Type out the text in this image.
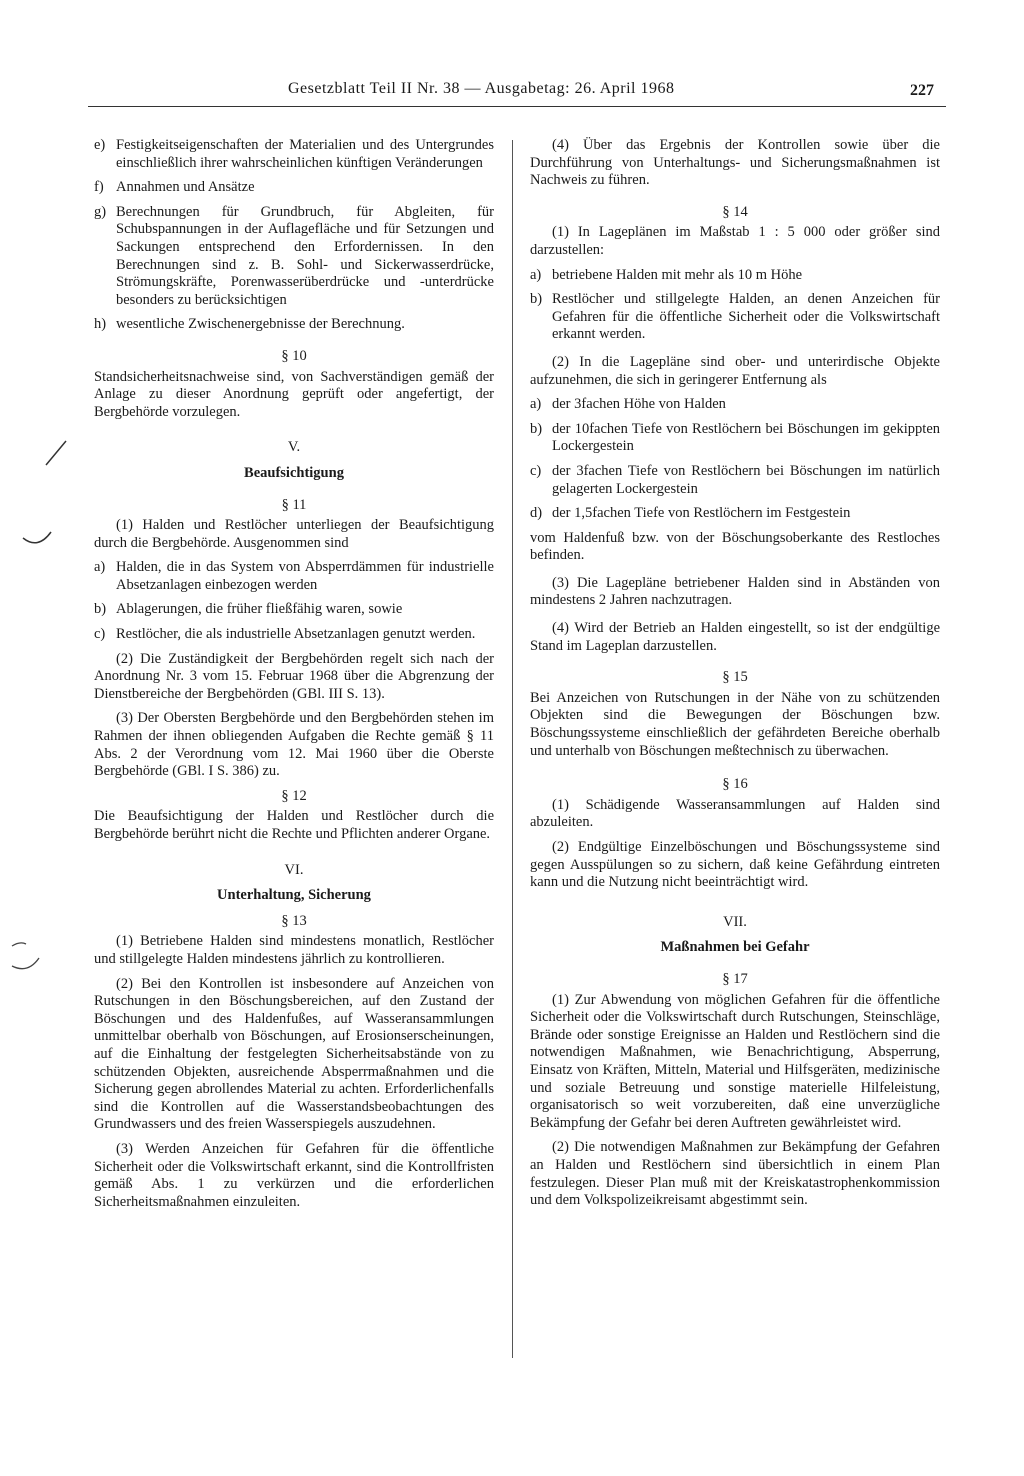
Gesetzblatt Teil II Nr. 38 — Ausgabetag: 26. April 1968	227
e) Festigkeitseigenschaften der Materialien und des Untergrundes einschließlich ihrer wahrscheinlichen künftigen Veränderungen
f) Annahmen und Ansätze
g) Berechnungen für Grundbruch, für Abgleiten, für Schubspannungen in der Auflagefläche und für Setzungen und Sackungen entsprechend den Erfordernissen. In den Berechnungen sind z. B. Sohl- und Sickerwasserdrücke, Strömungskräfte, Porenwasserüberdrücke und -unterdrücke besonders zu berücksichtigen
h) wesentliche Zwischenergebnisse der Berechnung.
§ 10
Standsicherheitsnachweise sind, von Sachverständigen gemäß der Anlage zu dieser Anordnung geprüft oder angefertigt, der Bergbehörde vorzulegen.
V.
Beaufsichtigung
§ 11
(1) Halden und Restlöcher unterliegen der Beaufsichtigung durch die Bergbehörde. Ausgenommen sind
a) Halden, die in das System von Absperrdämmen für industrielle Absetzanlagen einbezogen werden
b) Ablagerungen, die früher fließfähig waren, sowie
c) Restlöcher, die als industrielle Absetzanlagen genutzt werden.
(2) Die Zuständigkeit der Bergbehörden regelt sich nach der Anordnung Nr. 3 vom 15. Februar 1968 über die Abgrenzung der Dienstbereiche der Bergbehörden (GBl. III S. 13).
(3) Der Obersten Bergbehörde und den Bergbehörden stehen im Rahmen der ihnen obliegenden Aufgaben die Rechte gemäß § 11 Abs. 2 der Verordnung vom 12. Mai 1960 über die Oberste Bergbehörde (GBl. I S. 386) zu.
§ 12
Die Beaufsichtigung der Halden und Restlöcher durch die Bergbehörde berührt nicht die Rechte und Pflichten anderer Organe.
VI.
Unterhaltung, Sicherung
§ 13
(1) Betriebene Halden sind mindestens monatlich, Restlöcher und stillgelegte Halden mindestens jährlich zu kontrollieren.
(2) Bei den Kontrollen ist insbesondere auf Anzeichen von Rutschungen in den Böschungsbereichen, auf den Zustand der Böschungen und des Haldenfußes, auf Wasseransammlungen unmittelbar oberhalb von Böschungen, auf Erosionserscheinungen, auf die Einhaltung der festgelegten Sicherheitsabstände von zu schützenden Objekten, ausreichende Absperrmaßnahmen und die Sicherung gegen abrollendes Material zu achten. Erforderlichenfalls sind die Kontrollen auf die Wasserstandsbeobachtungen des Grundwassers und des freien Wasserspiegels auszudehnen.
(3) Werden Anzeichen für Gefahren für die öffentliche Sicherheit oder die Volkswirtschaft erkannt, sind die Kontrollfristen gemäß Abs. 1 zu verkürzen und die erforderlichen Sicherheitsmaßnahmen einzuleiten.
(4) Über das Ergebnis der Kontrollen sowie über die Durchführung von Unterhaltungs- und Sicherungsmaßnahmen ist Nachweis zu führen.
§ 14
(1) In Lageplänen im Maßstab 1 : 5 000 oder größer sind darzustellen:
a) betriebene Halden mit mehr als 10 m Höhe
b) Restlöcher und stillgelegte Halden, an denen Anzeichen für Gefahren für die öffentliche Sicherheit oder die Volkswirtschaft erkannt werden.
(2) In die Lagepläne sind ober- und unterirdische Objekte aufzunehmen, die sich in geringerer Entfernung als
a) der 3fachen Höhe von Halden
b) der 10fachen Tiefe von Restlöchern bei Böschungen im gekippten Lockergestein
c) der 3fachen Tiefe von Restlöchern bei Böschungen im natürlich gelagerten Lockergestein
d) der 1,5fachen Tiefe von Restlöchern im Festgestein
vom Haldenfuß bzw. von der Böschungsoberkante des Restloches befinden.
(3) Die Lagepläne betriebener Halden sind in Abständen von mindestens 2 Jahren nachzutragen.
(4) Wird der Betrieb an Halden eingestellt, so ist der endgültige Stand im Lageplan darzustellen.
§ 15
Bei Anzeichen von Rutschungen in der Nähe von zu schützenden Objekten sind die Bewegungen der Böschungen bzw. Böschungssysteme einschließlich der gefährdeten Bereiche oberhalb und unterhalb von Böschungen meßtechnisch zu überwachen.
§ 16
(1) Schädigende Wasseransammlungen auf Halden sind abzuleiten.
(2) Endgültige Einzelböschungen und Böschungssysteme sind gegen Ausspülungen so zu sichern, daß keine Gefährdung eintreten kann und die Nutzung nicht beeinträchtigt wird.
VII.
Maßnahmen bei Gefahr
§ 17
(1) Zur Abwendung von möglichen Gefahren für die öffentliche Sicherheit oder die Volkswirtschaft durch Rutschungen, Steinschläge, Brände oder sonstige Ereignisse an Halden und Restlöchern sind die notwendigen Maßnahmen, wie Benachrichtigung, Absperrung, Einsatz von Kräften, Mitteln, Material und Hilfsgeräten, medizinische und soziale Betreuung und sonstige materielle Hilfeleistung, organisatorisch so weit vorzubereiten, daß eine unverzügliche Bekämpfung der Gefahr bei deren Auftreten gewährleistet wird.
(2) Die notwendigen Maßnahmen zur Bekämpfung der Gefahren an Halden und Restlöchern sind übersichtlich in einem Plan festzulegen. Dieser Plan muß mit der Kreiskatastrophenkommission und dem Volkspolizeikreisamt abgestimmt sein.
